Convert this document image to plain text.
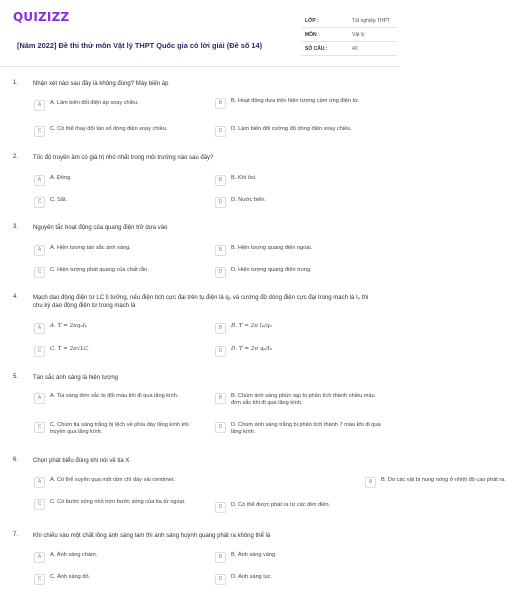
QUIZIZZ
[Năm 2022] Đề thi thử môn Vật lý THPT Quốc gia có lời giải (Đề số 14)
LỚP :	Tốt nghiệp THPT
MÔN :	Vật lý
SỐ CÂU :	40
1. Nhận xét nào sau đây là không đúng? Máy biến áp
A	A. Làm biến đổi điện áp xoay chiều.	B	B. Hoạt động dựa trên hiện tượng cảm ứng điện từ.
C	C. Có thể thay đổi tần số dòng điện xoay chiều.	D	D. Làm biến đổi cường độ dòng điện xoay chiều.
2. Tốc độ truyền âm có giá trị nhỏ nhất trong môi trường nào sau đây?
A	A. Đồng.	B	B. Khí ôxi.
C	C. Sắt.	D	D. Nước biển.
3. Nguyên tắc hoạt động của quang điện trở dựa vào
A	A. Hiện tượng tán sắc ánh sáng.	B	B. Hiện tượng quang điện ngoài.
C	C. Hiện tượng phát quang của chất rắn.	D	D. Hiện tượng quang điện trong.
4. Mạch dao động điện từ LC lí tưởng, nếu điện tích cực đại trên tụ điện là q₀ và cường độ dòng điện cực đại trong mạch là I₀ thì chu kỳ dao động điện từ trong mạch là
A	A. T = 2πq₀I₀	B	B. T = 2π I₀/q₀
C	C. T = 2π√LC	D	D. T = 2π q₀/I₀
5. Tán sắc ánh sáng là hiện tượng
A	A. Tia sáng đơn sắc bị đổi màu khi đi qua lăng kính.	B	B. Chùm ánh sáng phức tạp bị phân tích thành nhiều màu đơn sắc khi đi qua lăng kính.
C	C. Chùm tia sáng trắng bị lệch về phía đáy lăng kính khi truyền qua lăng kính.
D	D. Chùm ánh sáng trắng bị phân tích thành 7 màu khi đi qua lăng kính.
6. Chọn phát biểu đúng khi nói về tia X
A	A. Có thể xuyên qua một tấm chì dày vài centimet.	B	B. Do các vật bị nung nóng ở nhiệt độ cao phát ra.
C	C. Có bước sóng nhỏ hơn bước sóng của tia tử ngoại.
D	D. Có thể được phát ra từ các đèn điện.
7. Khi chiếu vào một chất lỏng ánh sáng lam thì ánh sáng huỳnh quang phát ra không thể là
A	A. Ánh sáng chàm.	B	B. Ánh sáng vàng.
C	C. Ánh sáng đỏ.	D	D. Ánh sáng lục.
